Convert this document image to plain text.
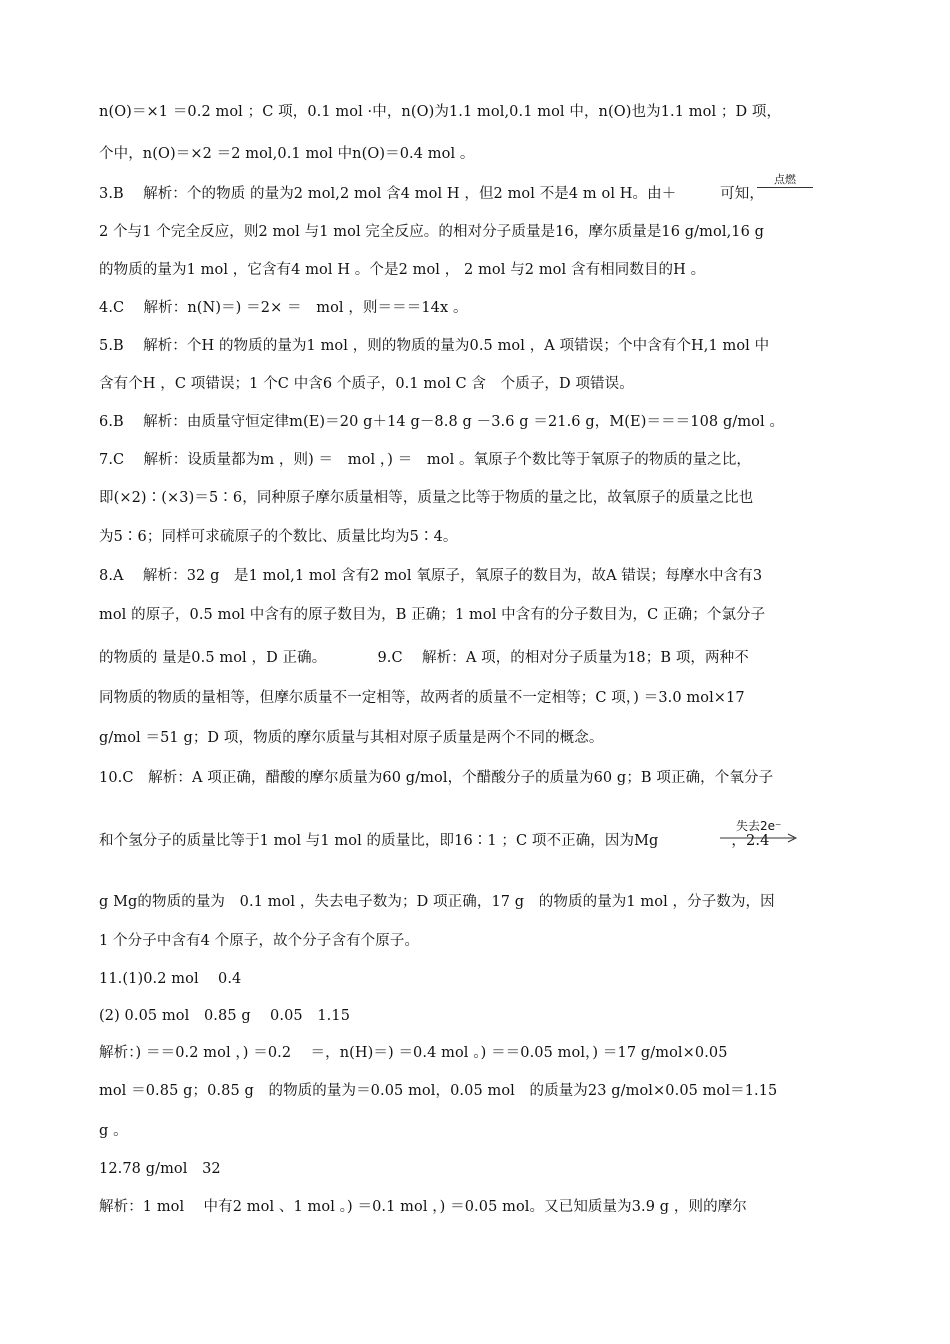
n(O)＝×1 ＝0.2 mol ；C 项，0.1 mol ·中，n(O)为1.1 mol,0.1 mol 中，n(O)也为1.1 mol ；D 项，
个中，n(O)＝×2 ＝2 mol,0.1 mol 中n(O)＝0.4 mol 。
3.B　 解析：个的物质 的量为2 mol,2 mol 含4 mol H ，但2 mol 不是4 m ol H。由＋　　　可知，
2 个与1 个完全反应，则2 mol 与1 mol 完全反应。的相对分子质量是16，摩尔质量是16 g/mol,16 g
的物质的量为1 mol ，它含有4 mol H 。个是2 mol ， 2 mol 与2 mol 含有相同数目的H 。
4.C　 解析：n(N)＝) ＝2× ＝　mol ，则＝＝＝14x 。
5.B　 解析：个H 的物质的量为1 mol ，则的物质的量为0.5 mol ，A 项错误；个中含有个H,1 mol 中
含有个H ，C 项错误；1 个C 中含6 个质子，0.1 mol C 含　个质子，D 项错误。
6.B　 解析：由质量守恒定律m(E)＝20 g＋14 g－8.8 g －3.6 g ＝21.6 g，M(E)＝＝＝108 g/mol 。
7.C　 解析：设质量都为m ，则) ＝　mol ，) ＝　mol 。氧原子个数比等于氧原子的物质的量之比，
即(×2)∶(×3)＝5∶6，同种原子摩尔质量相等，质量之比等于物质的量之比，故氧原子的质量之比也
为5∶6；同样可求硫原子的个数比、质量比均为5∶4。
8.A　 解析：32 g　是1 mol,1 mol 含有2 mol 氧原子，氧原子的数目为，故A 错误；每摩水中含有3
mol 的原子，0.5 mol 中含有的原子数目为，B 正确；1 mol 中含有的分子数目为，C 正确；个氯分子
的物质的 量是0.5 mol ，D 正确。　　　　9.C　 解析：A 项，的相对分子质量为18；B 项，两种不
同物质的物质的量相等，但摩尔质量不一定相等，故两者的质量不一定相等；C 项，) ＝3.0 mol×17
g/mol ＝51 g；D 项，物质的摩尔质量与其相对原子质量是两个不同的概念。
10.C　解析：A 项正确，醋酸的摩尔质量为60 g/mol，个醋酸分子的质量为60 g；B 项正确，个氧分子
和个氢分子的质量比等于1 mol 与1 mol 的质量比，即16∶1 ；C 项不正确，因为Mg　　　　　，2.4
g Mg的物质的量为　0.1 mol ，失去电子数为；D 项正确，17 g　的物质的量为1 mol ，分子数为，因
1 个分子中含有4 个原子，故个分子含有个原子。
11.(1)0.2 mol　 0.4
(2) 0.05 mol　0.85 g　 0.05　1.15
解析：) ＝＝0.2 mol ，) ＝0.2　 ＝，n(H)＝) ＝0.4 mol 。) ＝＝0.05 mol，) ＝17 g/mol×0.05
mol ＝0.85 g；0.85 g　的物质的量为＝0.05 mol，0.05 mol　的质量为23 g/mol×0.05 mol＝1.15
g 。
12.78 g/mol　32
解析：1 mol　 中有2 mol 、1 mol 。) ＝0.1 mol ，) ＝0.05 mol。又已知质量为3.9 g ，则的摩尔
点燃
失去2e⁻
